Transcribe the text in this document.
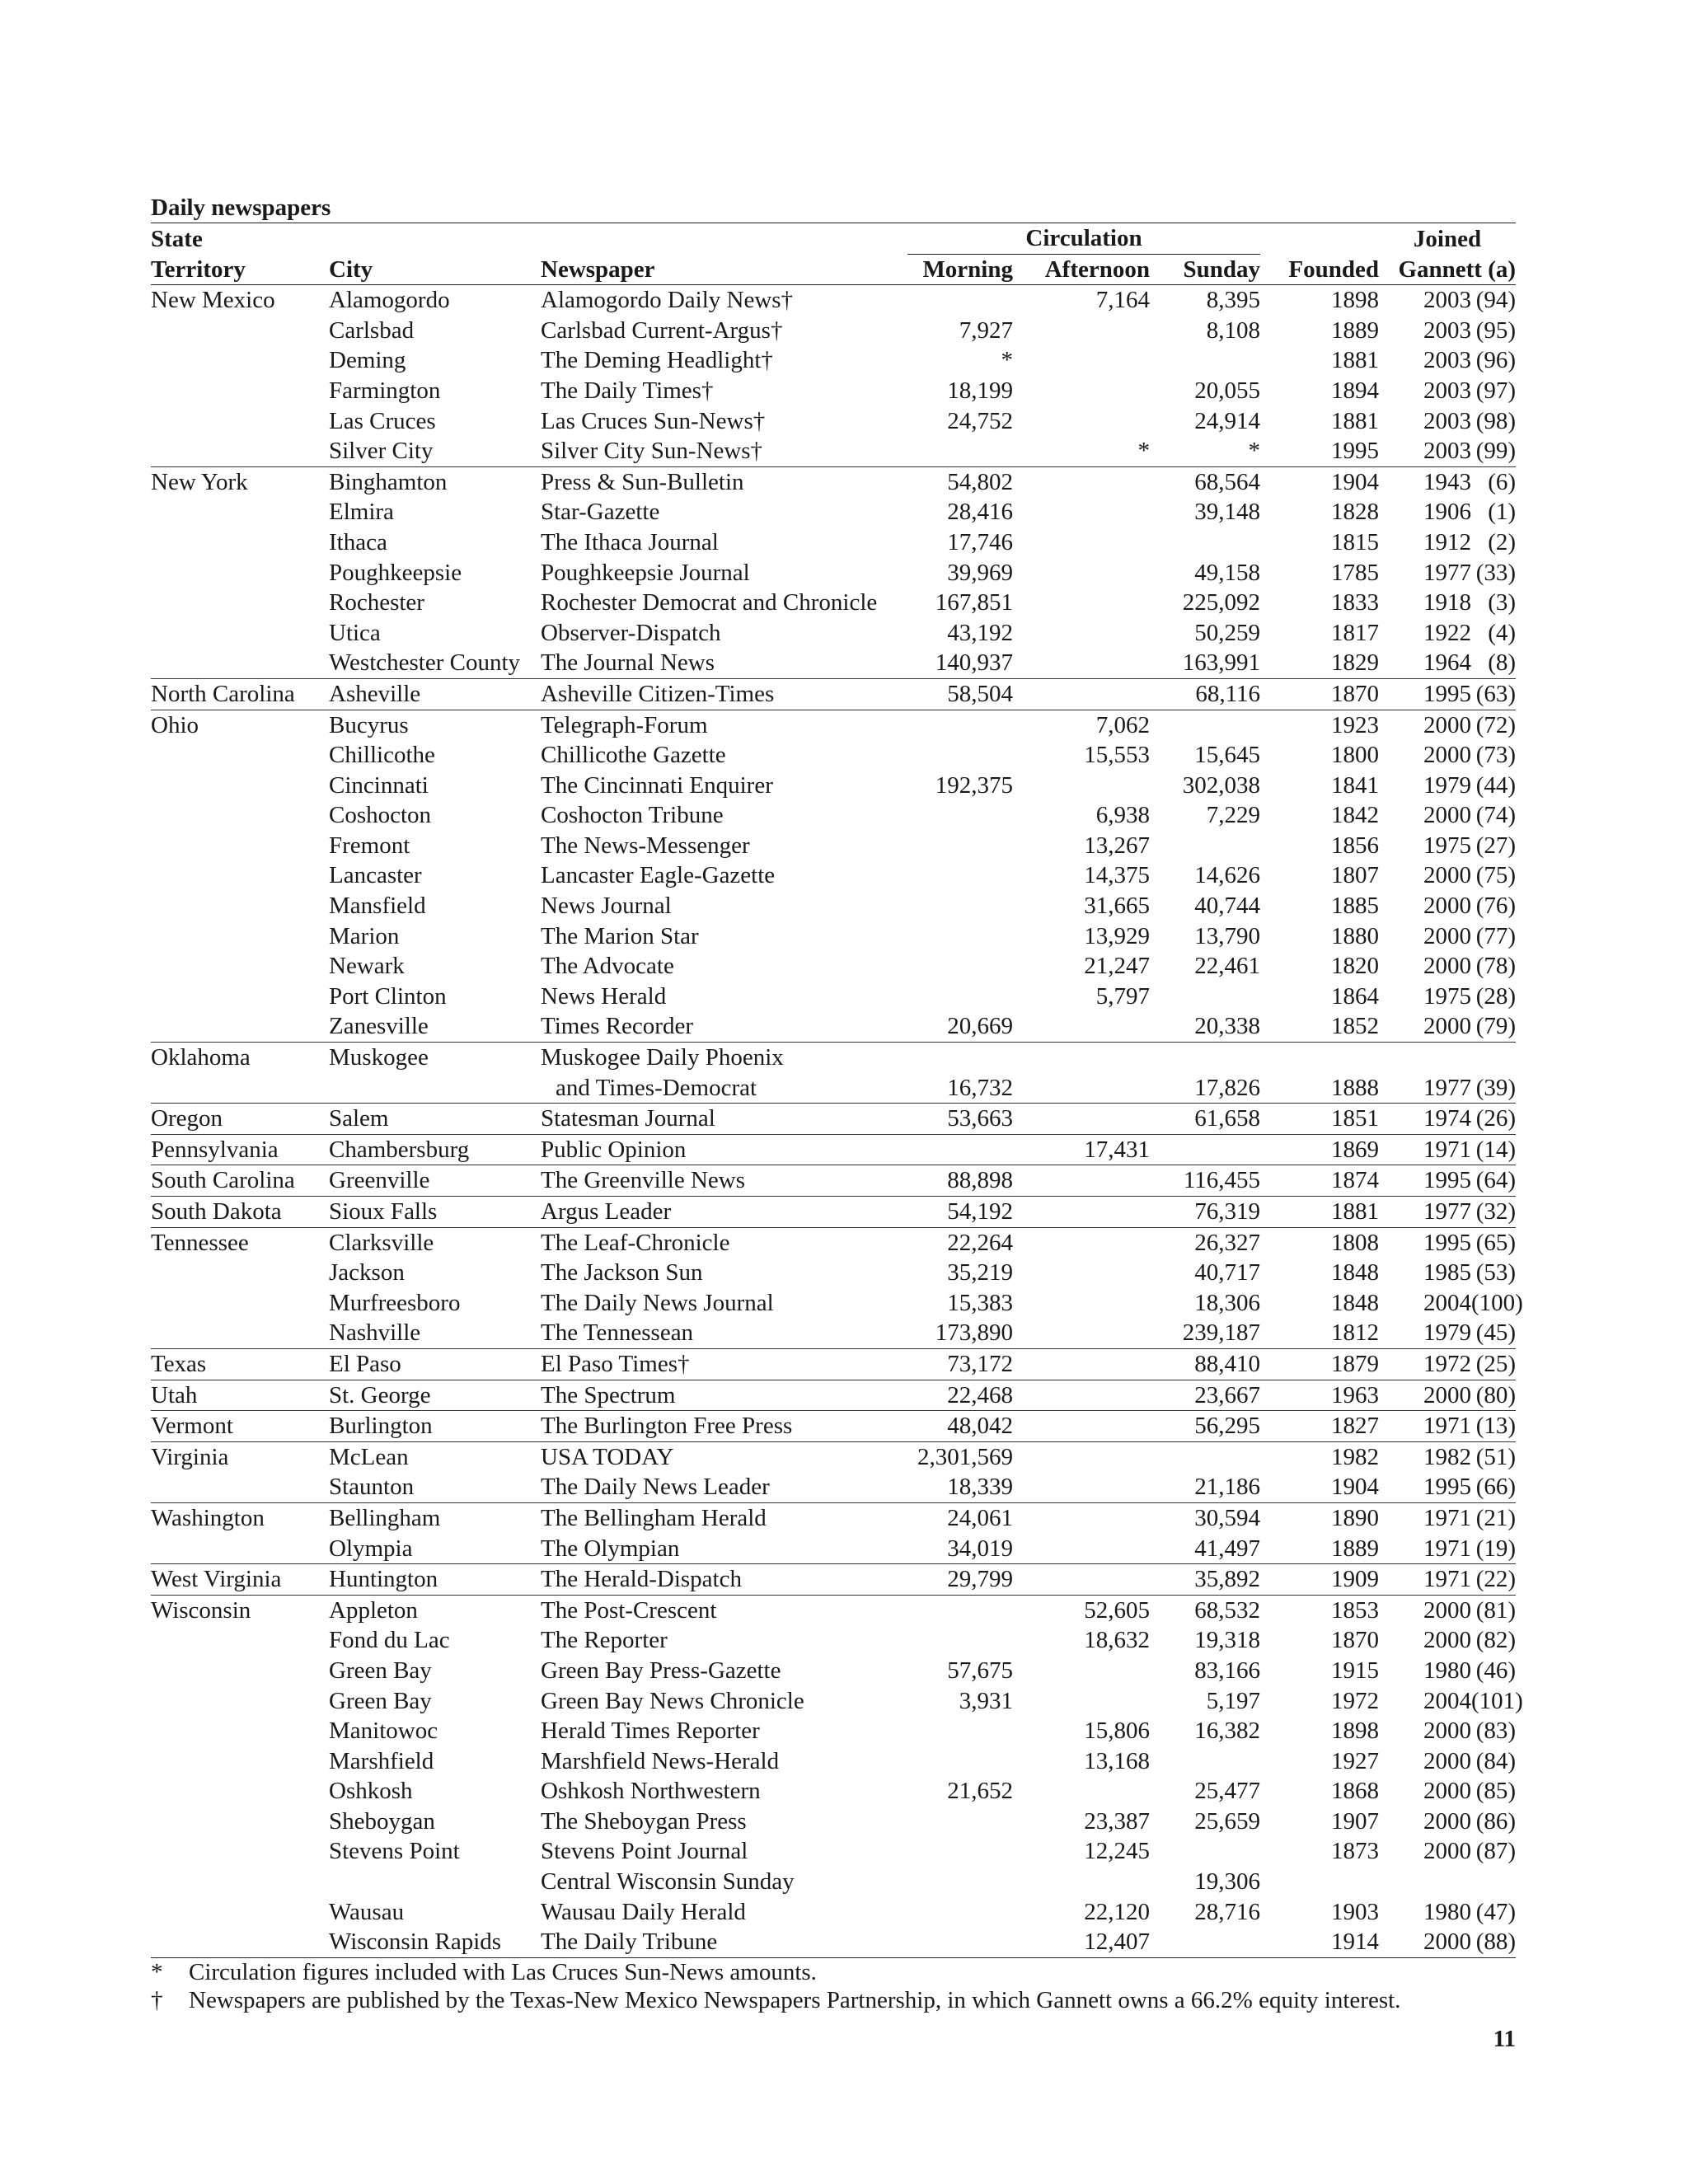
Daily newspapers
State			Circulation				Joined
Territory	City	Newspaper	Morning	Afternoon	Sunday	Founded	Gannett (a)
New Mexico	Alamogordo	Alamogordo Daily News†		7,164	8,395	1898	2003 (94)
	Carlsbad	Carlsbad Current-Argus†	7,927		8,108	1889	2003 (95)
	Deming	The Deming Headlight†	*			1881	2003 (96)
	Farmington	The Daily Times†	18,199		20,055	1894	2003 (97)
	Las Cruces	Las Cruces Sun-News†	24,752		24,914	1881	2003 (98)
	Silver City	Silver City Sun-News†		*	*	1995	2003 (99)
New York	Binghamton	Press & Sun-Bulletin	54,802		68,564	1904	1943 (6)
	Elmira	Star-Gazette	28,416		39,148	1828	1906 (1)
	Ithaca	The Ithaca Journal	17,746			1815	1912 (2)
	Poughkeepsie	Poughkeepsie Journal	39,969		49,158	1785	1977 (33)
	Rochester	Rochester Democrat and Chronicle	167,851		225,092	1833	1918 (3)
	Utica	Observer-Dispatch	43,192		50,259	1817	1922 (4)
	Westchester County	The Journal News	140,937		163,991	1829	1964 (8)
North Carolina	Asheville	Asheville Citizen-Times	58,504		68,116	1870	1995 (63)
Ohio	Bucyrus	Telegraph-Forum		7,062		1923	2000 (72)
	Chillicothe	Chillicothe Gazette		15,553	15,645	1800	2000 (73)
	Cincinnati	The Cincinnati Enquirer	192,375		302,038	1841	1979 (44)
	Coshocton	Coshocton Tribune		6,938	7,229	1842	2000 (74)
	Fremont	The News-Messenger		13,267		1856	1975 (27)
	Lancaster	Lancaster Eagle-Gazette		14,375	14,626	1807	2000 (75)
	Mansfield	News Journal		31,665	40,744	1885	2000 (76)
	Marion	The Marion Star		13,929	13,790	1880	2000 (77)
	Newark	The Advocate		21,247	22,461	1820	2000 (78)
	Port Clinton	News Herald		5,797		1864	1975 (28)
	Zanesville	Times Recorder	20,669		20,338	1852	2000 (79)
Oklahoma	Muskogee	Muskogee Daily Phoenix					
		and Times-Democrat	16,732		17,826	1888	1977 (39)
Oregon	Salem	Statesman Journal	53,663		61,658	1851	1974 (26)
Pennsylvania	Chambersburg	Public Opinion		17,431		1869	1971 (14)
South Carolina	Greenville	The Greenville News	88,898		116,455	1874	1995 (64)
South Dakota	Sioux Falls	Argus Leader	54,192		76,319	1881	1977 (32)
Tennessee	Clarksville	The Leaf-Chronicle	22,264		26,327	1808	1995 (65)
	Jackson	The Jackson Sun	35,219		40,717	1848	1985 (53)
	Murfreesboro	The Daily News Journal	15,383		18,306	1848	2004(100)
	Nashville	The Tennessean	173,890		239,187	1812	1979 (45)
Texas	El Paso	El Paso Times†	73,172		88,410	1879	1972 (25)
Utah	St. George	The Spectrum	22,468		23,667	1963	2000 (80)
Vermont	Burlington	The Burlington Free Press	48,042		56,295	1827	1971 (13)
Virginia	McLean	USA TODAY	2,301,569			1982	1982 (51)
	Staunton	The Daily News Leader	18,339		21,186	1904	1995 (66)
Washington	Bellingham	The Bellingham Herald	24,061		30,594	1890	1971 (21)
	Olympia	The Olympian	34,019		41,497	1889	1971 (19)
West Virginia	Huntington	The Herald-Dispatch	29,799		35,892	1909	1971 (22)
Wisconsin	Appleton	The Post-Crescent		52,605	68,532	1853	2000 (81)
	Fond du Lac	The Reporter		18,632	19,318	1870	2000 (82)
	Green Bay	Green Bay Press-Gazette	57,675		83,166	1915	1980 (46)
	Green Bay	Green Bay News Chronicle	3,931		5,197	1972	2004(101)
	Manitowoc	Herald Times Reporter		15,806	16,382	1898	2000 (83)
	Marshfield	Marshfield News-Herald		13,168		1927	2000 (84)
	Oshkosh	Oshkosh Northwestern	21,652		25,477	1868	2000 (85)
	Sheboygan	The Sheboygan Press		23,387	25,659	1907	2000 (86)
	Stevens Point	Stevens Point Journal		12,245		1873	2000 (87)
		Central Wisconsin Sunday			19,306		
	Wausau	Wausau Daily Herald		22,120	28,716	1903	1980 (47)
	Wisconsin Rapids	The Daily Tribune		12,407		1914	2000 (88)
*	Circulation figures included with Las Cruces Sun-News amounts.
†	Newspapers are published by the Texas-New Mexico Newspapers Partnership, in which Gannett owns a 66.2% equity interest.
11
